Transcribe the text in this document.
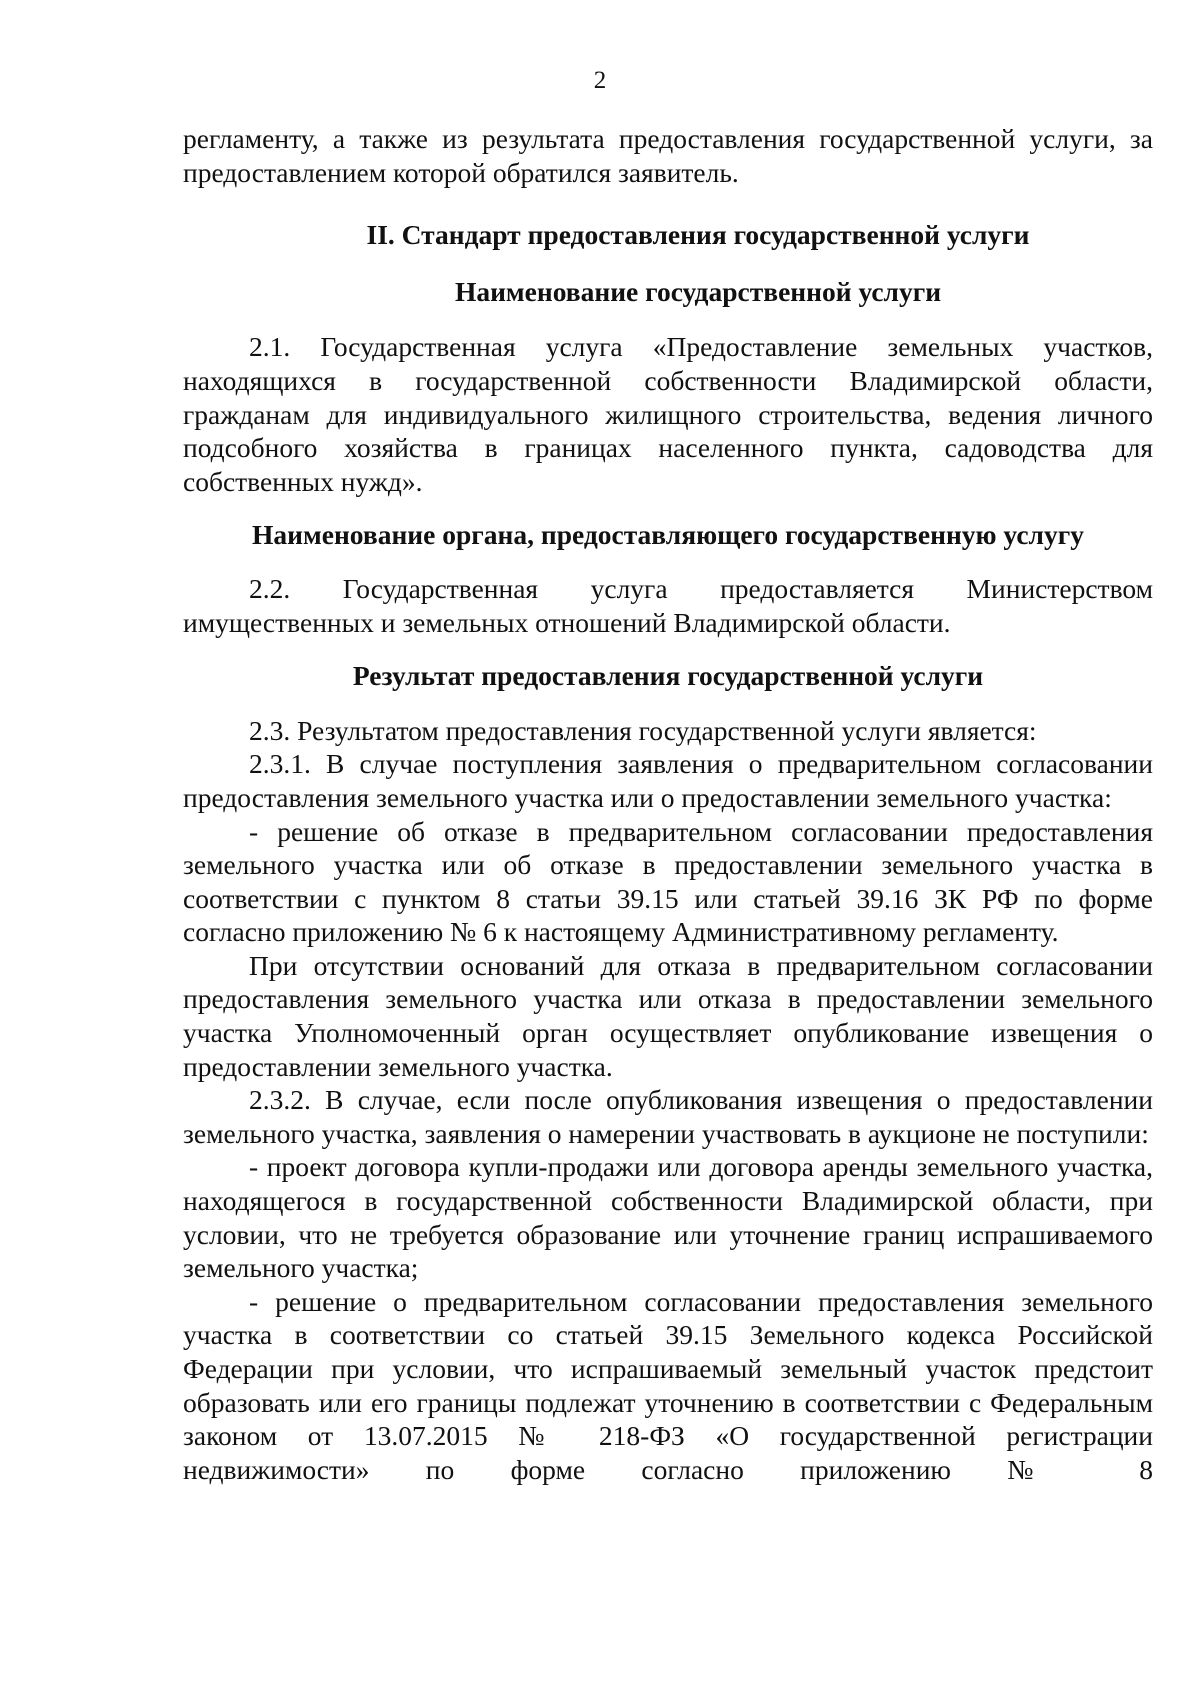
2

регламенту, а также из результата предоставления государственной услуги, за предоставлением которой обратился заявитель.

II. Стандарт предоставления государственной услуги

Наименование государственной услуги

2.1. Государственная услуга «Предоставление земельных участков, находящихся в государственной собственности Владимирской области, гражданам для индивидуального жилищного строительства, ведения личного подсобного хозяйства в границах населенного пункта, садоводства для собственных нужд».

Наименование органа, предоставляющего государственную услугу

2.2. Государственная услуга предоставляется Министерством имущественных и земельных отношений Владимирской области.

Результат предоставления государственной услуги

2.3. Результатом предоставления государственной услуги является:

2.3.1. В случае поступления заявления о предварительном согласовании предоставления земельного участка или о предоставлении земельного участка:

- решение об отказе в предварительном согласовании предоставления земельного участка или об отказе в предоставлении земельного участка в соответствии с пунктом 8 статьи 39.15 или статьей 39.16 ЗК РФ по форме согласно приложению № 6 к настоящему Административному регламенту.

При отсутствии оснований для отказа в предварительном согласовании предоставления земельного участка или отказа в предоставлении земельного участка Уполномоченный орган осуществляет опубликование извещения о предоставлении земельного участка.

2.3.2. В случае, если после опубликования извещения о предоставлении земельного участка, заявления о намерении участвовать в аукционе не поступили:

- проект договора купли-продажи или договора аренды земельного участка, находящегося в государственной собственности Владимирской области, при условии, что не требуется образование или уточнение границ испрашиваемого земельного участка;

- решение о предварительном согласовании предоставления земельного участка в соответствии со статьей 39.15 Земельного кодекса Российской Федерации при условии, что испрашиваемый земельный участок предстоит образовать или его границы подлежат уточнению в соответствии с Федеральным законом от 13.07.2015 № 218-ФЗ «О государственной регистрации недвижимости» по форме согласно приложению № 8
